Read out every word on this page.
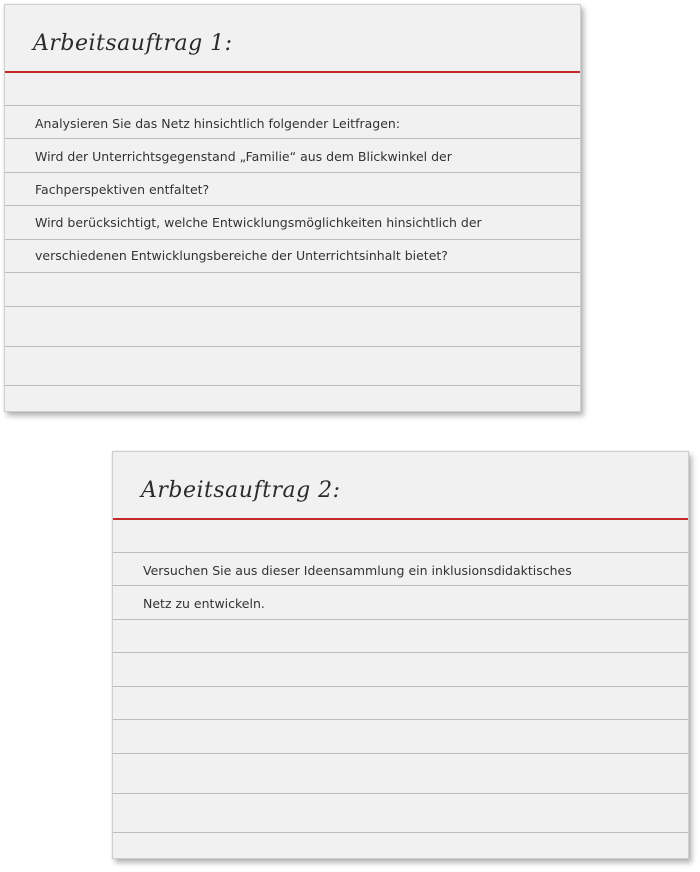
Arbeitsauftrag 1:
Analysieren Sie das Netz hinsichtlich folgender Leitfragen:
Wird der Unterrichtsgegenstand „Familie“ aus dem Blickwinkel der
Fachperspektiven entfaltet?
Wird berücksichtigt, welche Entwicklungsmöglichkeiten hinsichtlich der
verschiedenen Entwicklungsbereiche der Unterrichtsinhalt bietet?
Arbeitsauftrag 2:
Versuchen Sie aus dieser Ideensammlung ein inklusionsdidaktisches
Netz zu entwickeln.
